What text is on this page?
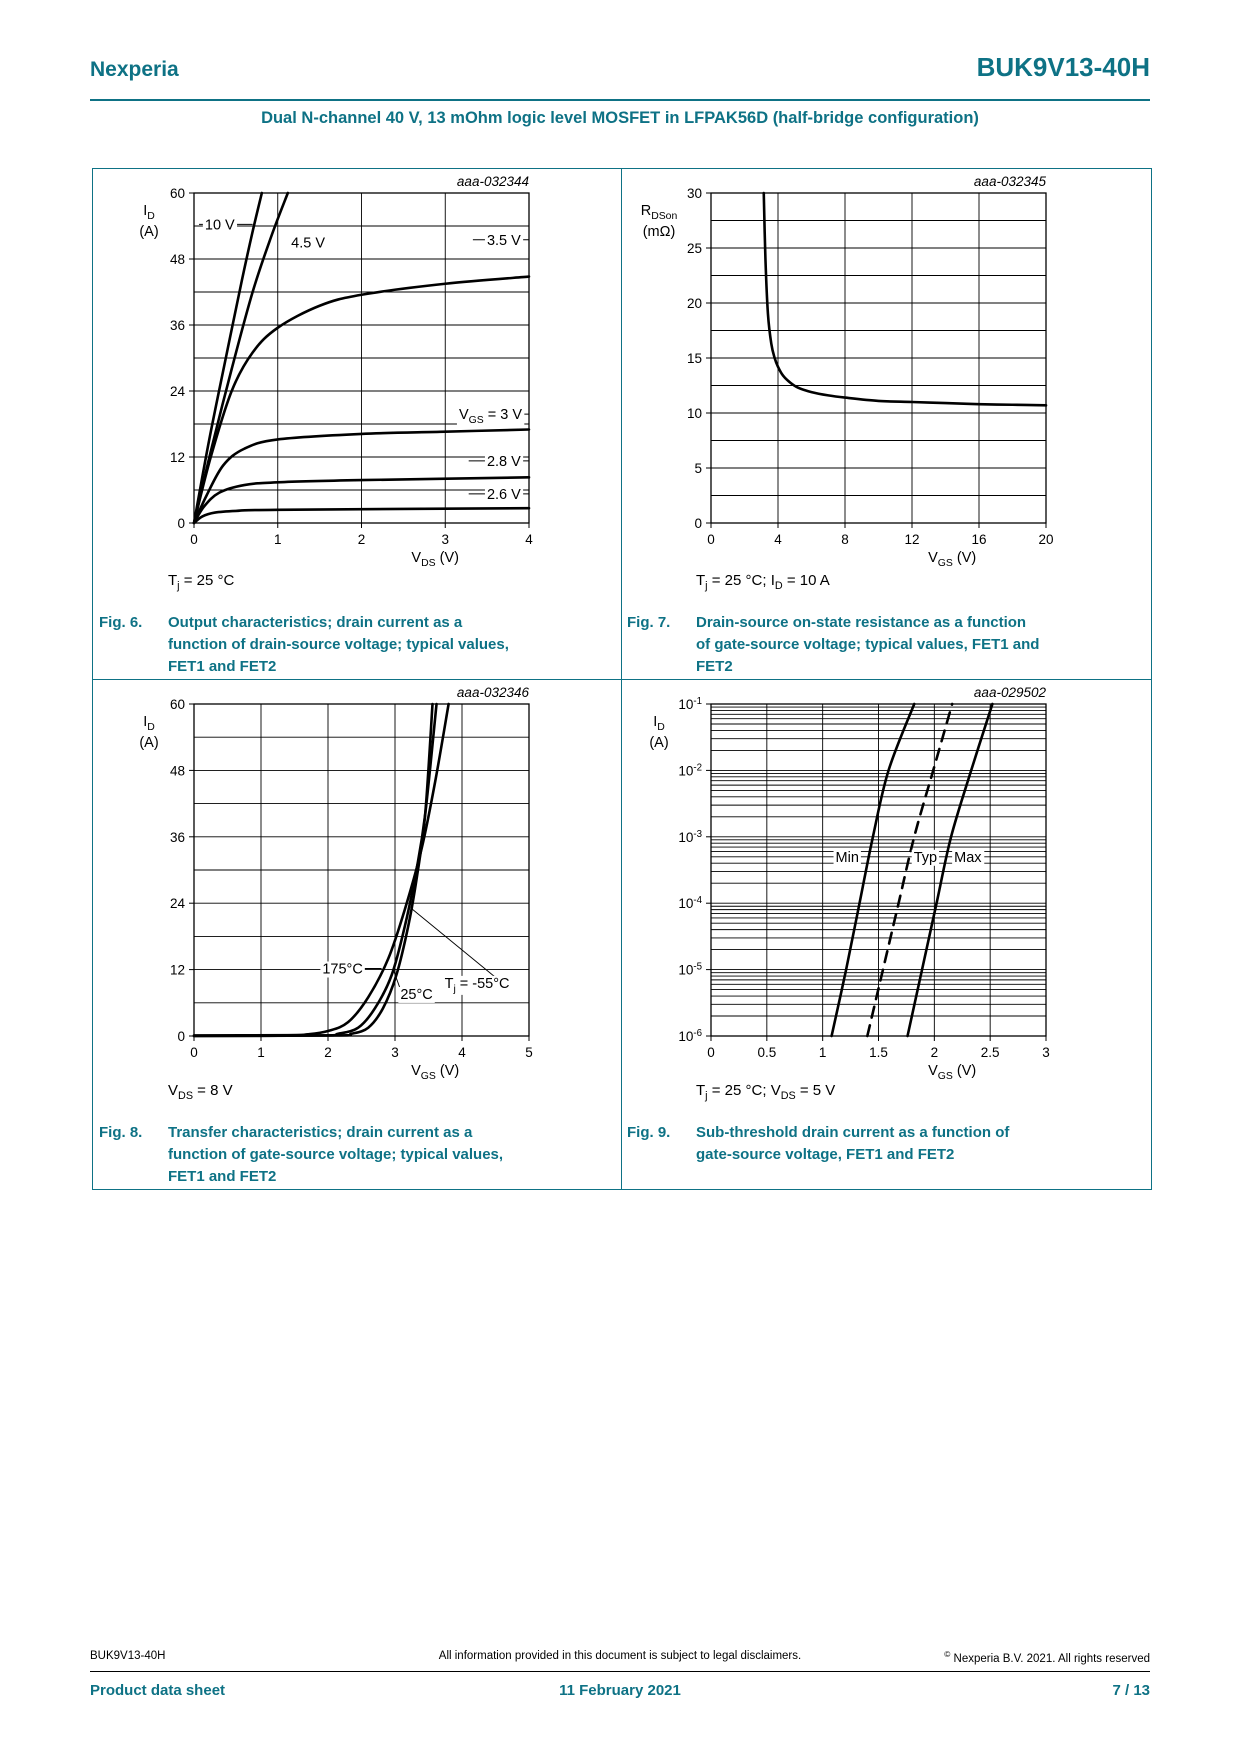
Nexperia	BUK9V13-40H
Dual N-channel 40 V, 13 mOhm logic level MOSFET in LFPAK56D (half-bridge configuration)
0	1	2	3	4
0
12
24
36
48
60
$V_{DS}$ (V)
$I_D$
(A)
aaa-032344
10 V
4.5 V	3.5 V
$V_{GS} = 3$ V
2.8 V
2.6 V
$T_j = 25$ °C
Fig. 6.	Output characteristics; drain current as a
function of drain-source voltage; typical values,
FET1 and FET2
0	4	8	12	16	20
0
5
10
15
20
25
30
$V_{GS}$ (V)
$R_{DSon}$
(mΩ)
aaa-032345
$T_j = 25$ °C; $I_D = 10$ A
Fig. 7.	Drain-source on-state resistance as a function
of gate-source voltage; typical values, FET1 and
FET2
0	1	2	3	4	5
0
12
24
36
48
60
$V_{GS}$ (V)
$I_D$
(A)
aaa-032346
175°C
25°C
$T_j = -55^\circ C$
$V_{DS} = 8$ V
Fig. 8.	Transfer characteristics; drain current as a
function of gate-source voltage; typical values,
FET1 and FET2
0	0.5	1	1.5	2	2.5	3
$10^{-1}$
$10^{-2}$
$10^{-3}$
$10^{-4}$
$10^{-5}$
$10^{-6}$
$V_{GS}$ (V)
$I_D$
(A)
aaa-029502
Min	Typ Max
$T_j = 25$ °C; $V_{DS} = 5$ V
Fig. 9.	Sub-threshold drain current as a function of
gate-source voltage, FET1 and FET2
BUK9V13-40H	All information provided in this document is subject to legal disclaimers.	© Nexperia B.V. 2021. All rights reserved
Product data sheet	11 February 2021	7 / 13
